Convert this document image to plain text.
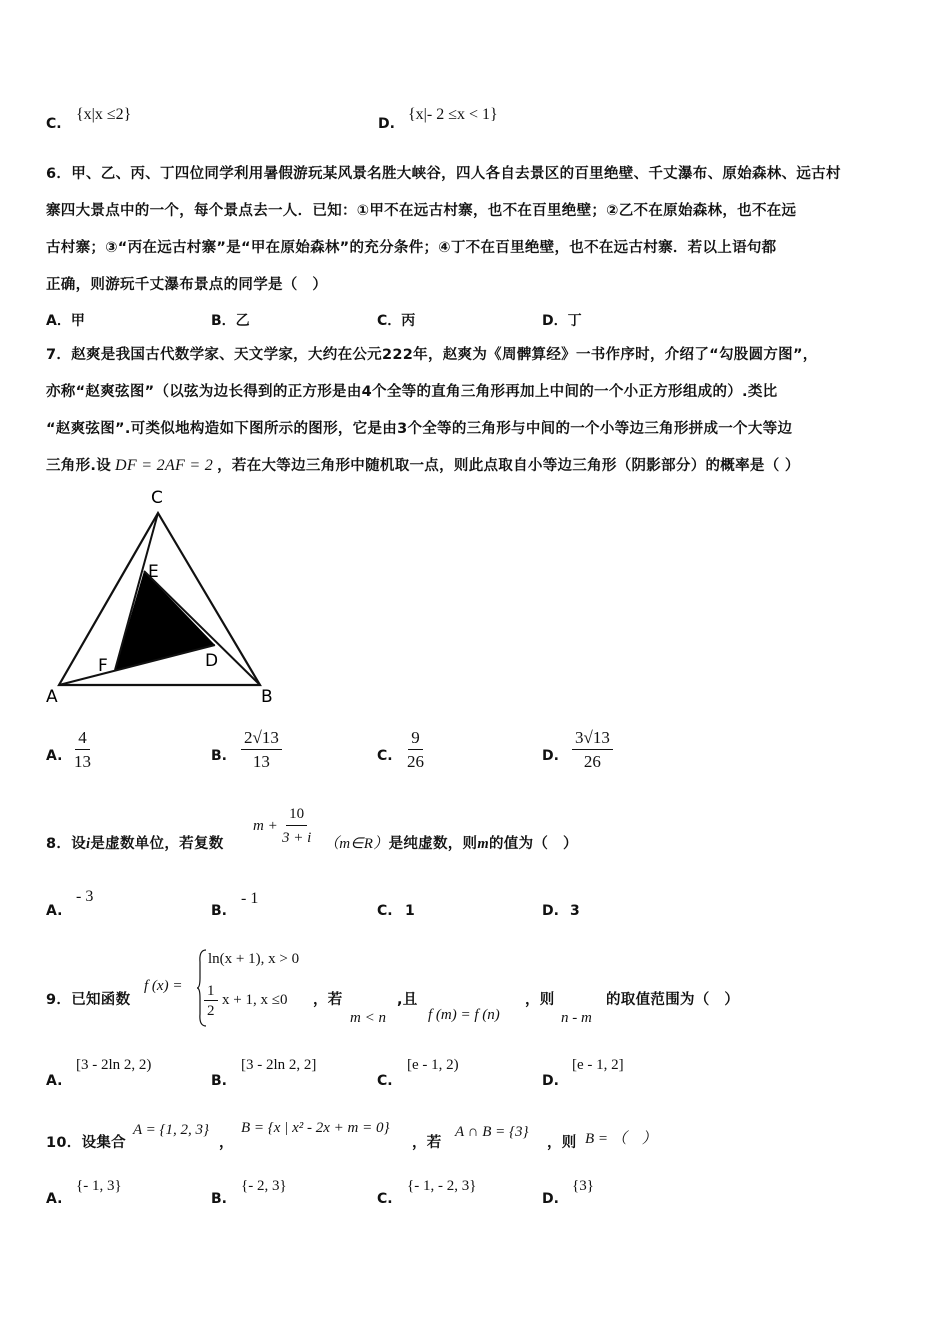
C.
{x|x ≤2}
D.
{x|- 2 ≤x < 1}
6．甲、乙、丙、丁四位同学利用暑假游玩某风景名胜大峡谷，四人各自去景区的百里绝壁、千丈瀑布、原始森林、远古村
寨四大景点中的一个，每个景点去一人．已知：①甲不在远古村寨，也不在百里绝壁；②乙不在原始森林，也不在远
古村寨；③“丙在远古村寨”是“甲在原始森林”的充分条件；④丁不在百里绝壁，也不在远古村寨．若以上语句都
正确，则游玩千丈瀑布景点的同学是（　）
A．甲	B．乙	C．丙	D．丁
7．赵爽是我国古代数学家、天文学家，大约在公元222年，赵爽为《周髀算经》一书作序时，介绍了“勾股圆方图”，
亦称“赵爽弦图”（以弦为边长得到的正方形是由4个全等的直角三角形再加上中间的一个小正方形组成的）.类比
“赵爽弦图”.可类似地构造如下图所示的图形，它是由3个全等的三角形与中间的一个小等边三角形拼成一个大等边
三角形.设 DF = 2AF = 2 ，若在大等边三角形中随机取一点，则此点取自小等边三角形（阴影部分）的概率是（ ）
C
E
D
F
A	B
A. $\frac{4}{13}$	B. $\frac{2√13}{13}$	C. $\frac{9}{26}$	D. $\frac{3√13}{26}$
8．设i是虚数单位，若复数
$m + \frac{10}{3 + i}$ （m∈R）是纯虚数，则m的值为（　）
A.
- 3
B.
- 1
C. 1	D. 3
9．已知函数
f (x) =
ln(x + 1), x > 0
$\frac{1}{2}$ x + 1, x ≤0 ，若
m < n
,且
f (m) = f (n)
，则
n - m
的取值范围为（　）
A.
[3 - 2ln 2, 2)
B.
[3 - 2ln 2, 2]
C.
[e - 1, 2)
D.
[e - 1, 2]
10．设集合
A = {1, 2, 3}
，
B = {x | x² - 2x + m = 0}
，若
A ∩ B = {3}
，则 B = （　）
A.
{- 1, 3}
B.
{- 2, 3}
C.
{- 1, - 2, 3}
D.
{3}
